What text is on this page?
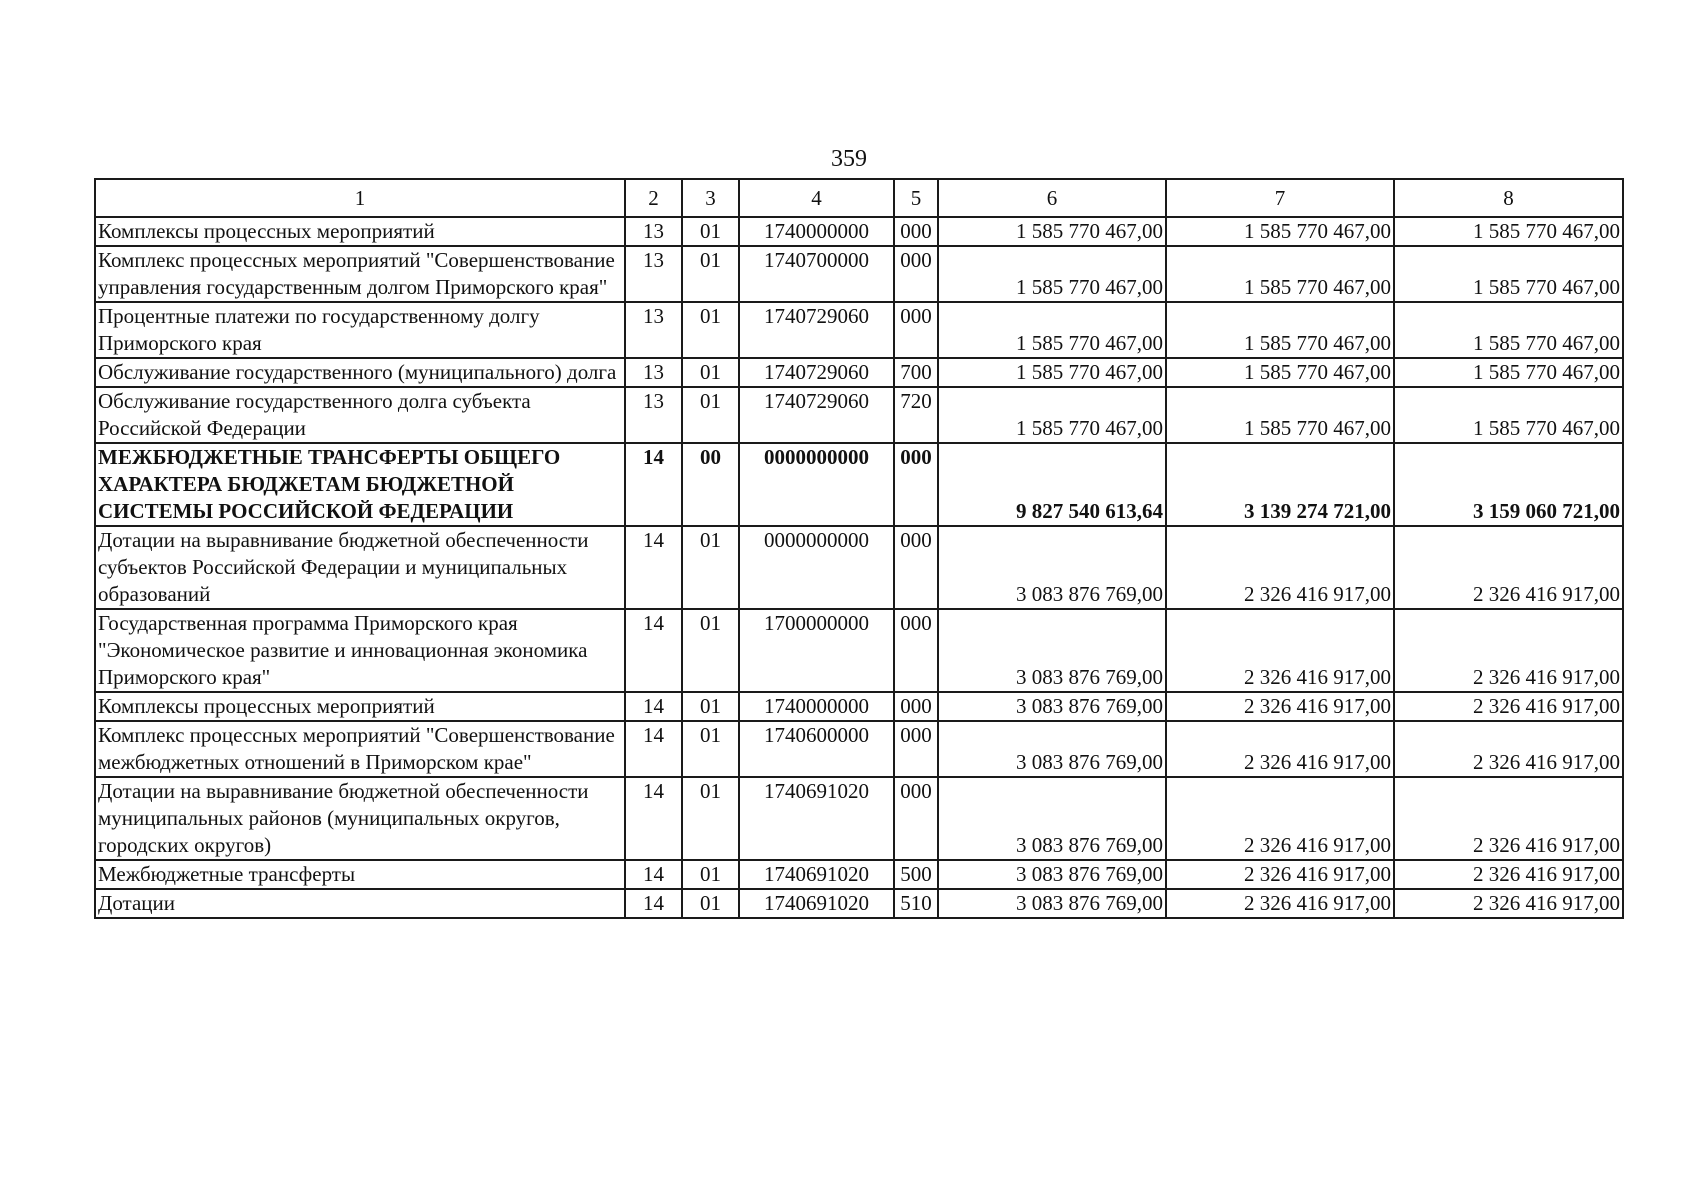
359
1	2	3	4	5	6	7	8
Комплексы процессных мероприятий	13	01	1740000000	000	1 585 770 467,00	1 585 770 467,00	1 585 770 467,00
Комплекс процессных мероприятий "Совершенствование управления государственным долгом Приморского края"	13	01	1740700000	000	1 585 770 467,00	1 585 770 467,00	1 585 770 467,00
Процентные платежи по государственному долгу Приморского края	13	01	1740729060	000	1 585 770 467,00	1 585 770 467,00	1 585 770 467,00
Обслуживание государственного (муниципального) долга	13	01	1740729060	700	1 585 770 467,00	1 585 770 467,00	1 585 770 467,00
Обслуживание государственного долга субъекта Российской Федерации	13	01	1740729060	720	1 585 770 467,00	1 585 770 467,00	1 585 770 467,00
МЕЖБЮДЖЕТНЫЕ ТРАНСФЕРТЫ ОБЩЕГО ХАРАКТЕРА БЮДЖЕТАМ БЮДЖЕТНОЙ СИСТЕМЫ РОССИЙСКОЙ ФЕДЕРАЦИИ	14	00	0000000000	000	9 827 540 613,64	3 139 274 721,00	3 159 060 721,00
Дотации на выравнивание бюджетной обеспеченности субъектов Российской Федерации и муниципальных образований	14	01	0000000000	000	3 083 876 769,00	2 326 416 917,00	2 326 416 917,00
Государственная программа Приморского края "Экономическое развитие и инновационная экономика Приморского края"	14	01	1700000000	000	3 083 876 769,00	2 326 416 917,00	2 326 416 917,00
Комплексы процессных мероприятий	14	01	1740000000	000	3 083 876 769,00	2 326 416 917,00	2 326 416 917,00
Комплекс процессных мероприятий "Совершенствование межбюджетных отношений в Приморском крае"	14	01	1740600000	000	3 083 876 769,00	2 326 416 917,00	2 326 416 917,00
Дотации на выравнивание бюджетной обеспеченности муниципальных районов (муниципальных округов, городских округов)	14	01	1740691020	000	3 083 876 769,00	2 326 416 917,00	2 326 416 917,00
Межбюджетные трансферты	14	01	1740691020	500	3 083 876 769,00	2 326 416 917,00	2 326 416 917,00
Дотации	14	01	1740691020	510	3 083 876 769,00	2 326 416 917,00	2 326 416 917,00
